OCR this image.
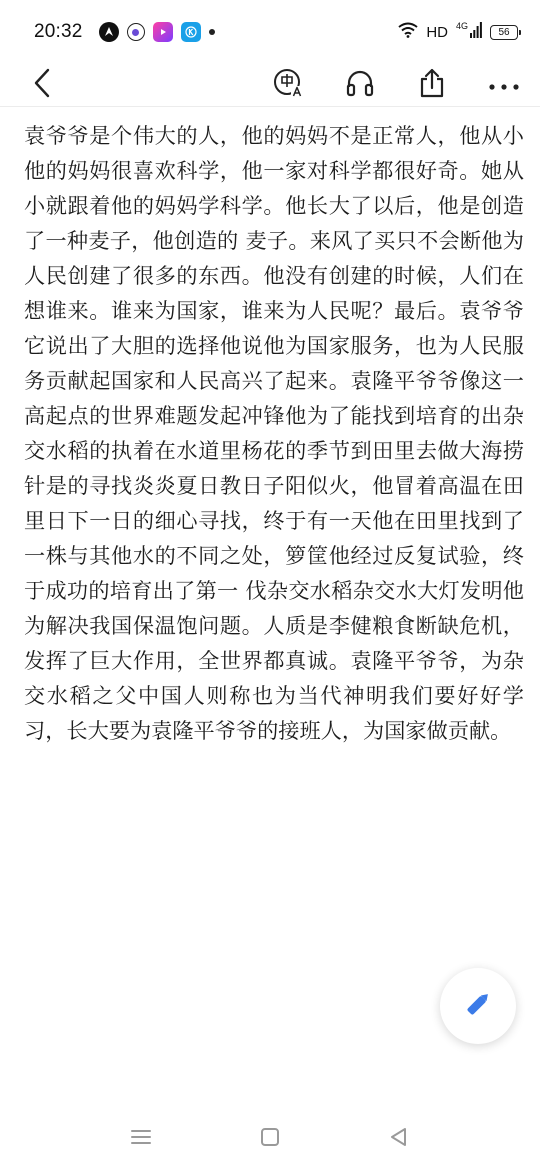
20:32	HD 4G
56

袁爷爷是个伟大的人，他的妈妈不是正常人，他从小他的妈妈很喜欢科学，他一家对科学都很好奇。她从小就跟着他的妈妈学科学。他长大了以后，他是创造了一种麦子，他创造的 麦子。来风了买只不会断他为人民创建了很多的东西。他没有创建的时候，人们在想谁来。谁来为国家，谁来为人民呢？最后。袁爷爷它说出了大胆的选择他说他为国家服务，也为人民服务贡献起国家和人民高兴了起来。袁隆平爷爷像这一高起点的世界难题发起冲锋他为了能找到培育的出杂交水稻的执着在水道里杨花的季节到田里去做大海捞针是的寻找炎炎夏日教日子阳似火，他冒着高温在田里日下一日的细心寻找，终于有一天他在田里找到了一株与其他水的不同之处，箩筐他经过反复试验，终于成功的培育出了第一 伐杂交水稻杂交水大灯发明他为解决我国保温饱问题。人质是李健粮食断缺危机，发挥了巨大作用，全世界都真诚。袁隆平爷爷，为杂交水稻之父中国人则称也为当代神明我们要好好学习，长大要为袁隆平爷爷的接班人，为国家做贡献。
